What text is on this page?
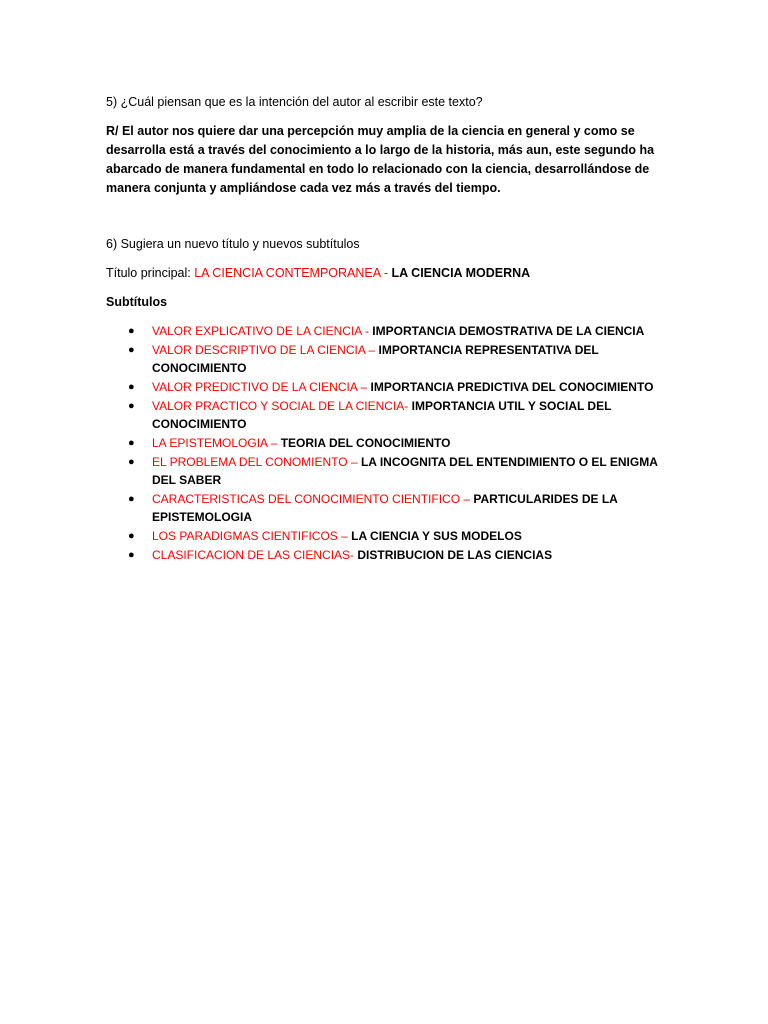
5) ¿Cuál piensan que es la intención del autor al escribir este texto?
R/ El autor nos quiere dar una percepción muy amplia de la ciencia en general y como se
desarrolla está a través del conocimiento a lo largo de la historia, más aun, este segundo ha
abarcado de manera fundamental en todo lo relacionado con la ciencia, desarrollándose de
manera conjunta y ampliándose cada vez más a través del tiempo.
6) Sugiera un nuevo título y nuevos subtítulos
Título principal: LA CIENCIA CONTEMPORANEA - LA CIENCIA MODERNA
Subtítulos
● VALOR EXPLICATIVO DE LA CIENCIA - IMPORTANCIA DEMOSTRATIVA DE LA CIENCIA
● VALOR DESCRIPTIVO DE LA CIENCIA – IMPORTANCIA REPRESENTATIVA DEL
CONOCIMIENTO
● VALOR PREDICTIVO DE LA CIENCIA – IMPORTANCIA PREDICTIVA DEL CONOCIMIENTO
● VALOR PRACTICO Y SOCIAL DE LA CIENCIA- IMPORTANCIA UTIL Y SOCIAL DEL
CONOCIMIENTO
● LA EPISTEMOLOGIA – TEORIA DEL CONOCIMIENTO
● EL PROBLEMA DEL CONOMIENTO – LA INCOGNITA DEL ENTENDIMIENTO O EL ENIGMA
DEL SABER
● CARACTERISTICAS DEL CONOCIMIENTO CIENTIFICO – PARTICULARIDES DE LA
EPISTEMOLOGIA
● LOS PARADIGMAS CIENTIFICOS – LA CIENCIA Y SUS MODELOS
● CLASIFICACION DE LAS CIENCIAS- DISTRIBUCION DE LAS CIENCIAS
